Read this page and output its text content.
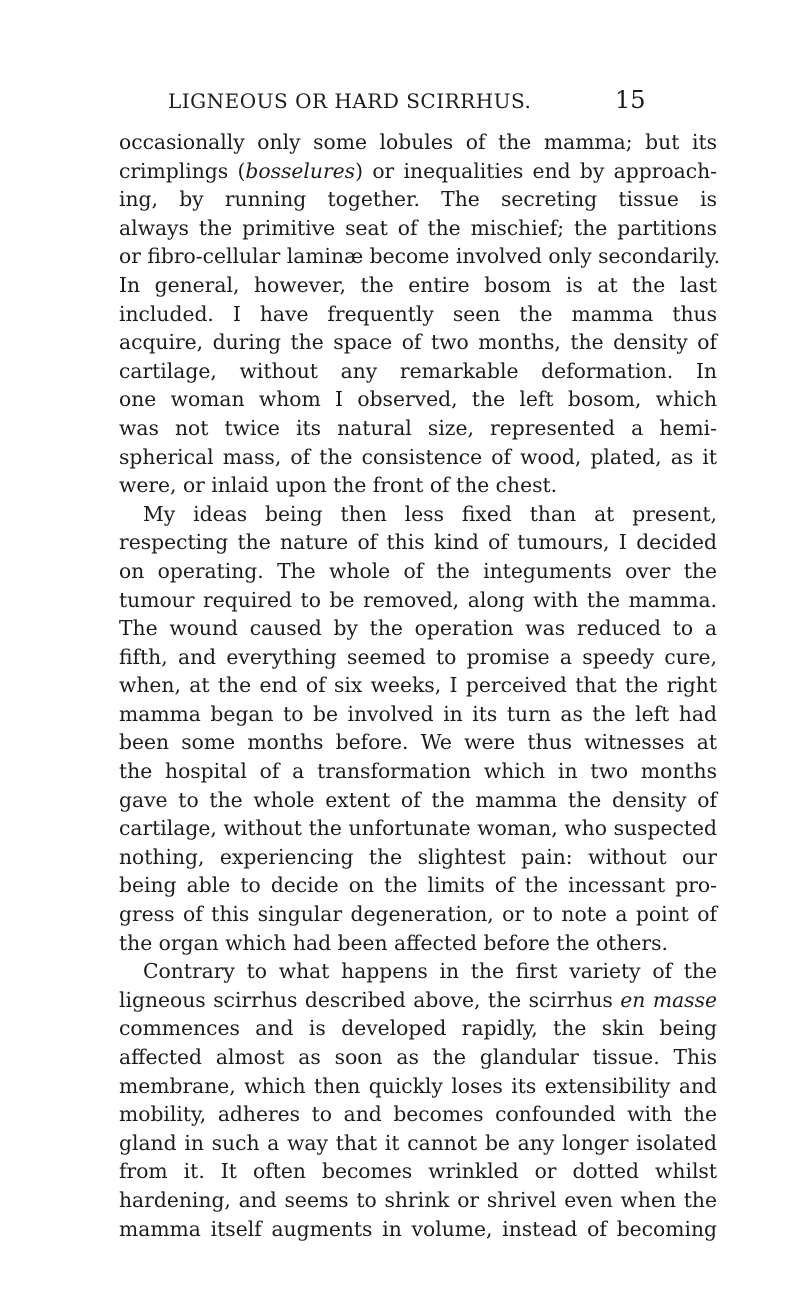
LIGNEOUS OR HARD SCIRRHUS.	15
occasionally only some lobules of the mamma; but its
crimplings (bosselures) or inequalities end by approach-
ing, by running together. The secreting tissue is
always the primitive seat of the mischief; the partitions
or fibro-cellular laminæ become involved only secondarily.
In general, however, the entire bosom is at the last
included. I have frequently seen the mamma thus
acquire, during the space of two months, the density of
cartilage, without any remarkable deformation. In
one woman whom I observed, the left bosom, which
was not twice its natural size, represented a hemi-
spherical mass, of the consistence of wood, plated, as it
were, or inlaid upon the front of the chest.
My ideas being then less fixed than at present,
respecting the nature of this kind of tumours, I decided
on operating. The whole of the integuments over the
tumour required to be removed, along with the mamma.
The wound caused by the operation was reduced to a
fifth, and everything seemed to promise a speedy cure,
when, at the end of six weeks, I perceived that the right
mamma began to be involved in its turn as the left had
been some months before. We were thus witnesses at
the hospital of a transformation which in two months
gave to the whole extent of the mamma the density of
cartilage, without the unfortunate woman, who suspected
nothing, experiencing the slightest pain: without our
being able to decide on the limits of the incessant pro-
gress of this singular degeneration, or to note a point of
the organ which had been affected before the others.
Contrary to what happens in the first variety of the
ligneous scirrhus described above, the scirrhus en masse
commences and is developed rapidly, the skin being
affected almost as soon as the glandular tissue. This
membrane, which then quickly loses its extensibility and
mobility, adheres to and becomes confounded with the
gland in such a way that it cannot be any longer isolated
from it. It often becomes wrinkled or dotted whilst
hardening, and seems to shrink or shrivel even when the
mamma itself augments in volume, instead of becoming
